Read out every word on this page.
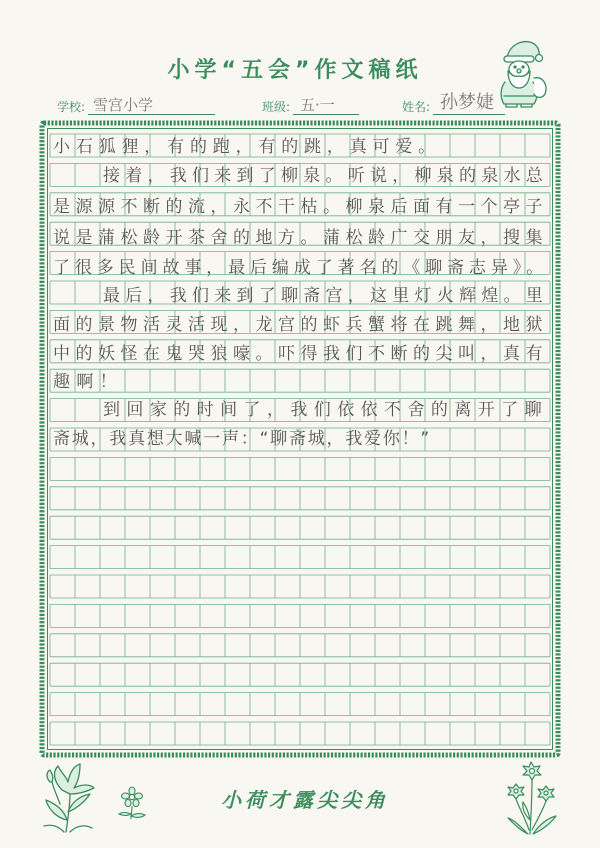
小学“五会”作文稿纸
学校: 雪宫小学	班级: 五·一	姓名: 孙梦婕
小石狐狸，有的跑，有的跳，真可爱。
接着，我们来到了柳泉。听说，柳泉的泉水总
是源源不断的流，永不干枯。柳泉后面有一个亭子
说是蒲松龄开茶舍的地方。蒲松龄广交朋友，搜集
了很多民间故事，最后编成了著名的《聊斋志异》。
最后，我们来到了聊斋宫，这里灯火辉煌。里
面的景物活灵活现，龙宫的虾兵蟹将在跳舞，地狱
中的妖怪在鬼哭狼嚎。吓得我们不断的尖叫，真有
趣啊！
到回家的时间了，我们依依不舍的离开了聊
斋城，我真想大喊一声：“聊斋城，我爱你！”
小荷才露尖尖角
